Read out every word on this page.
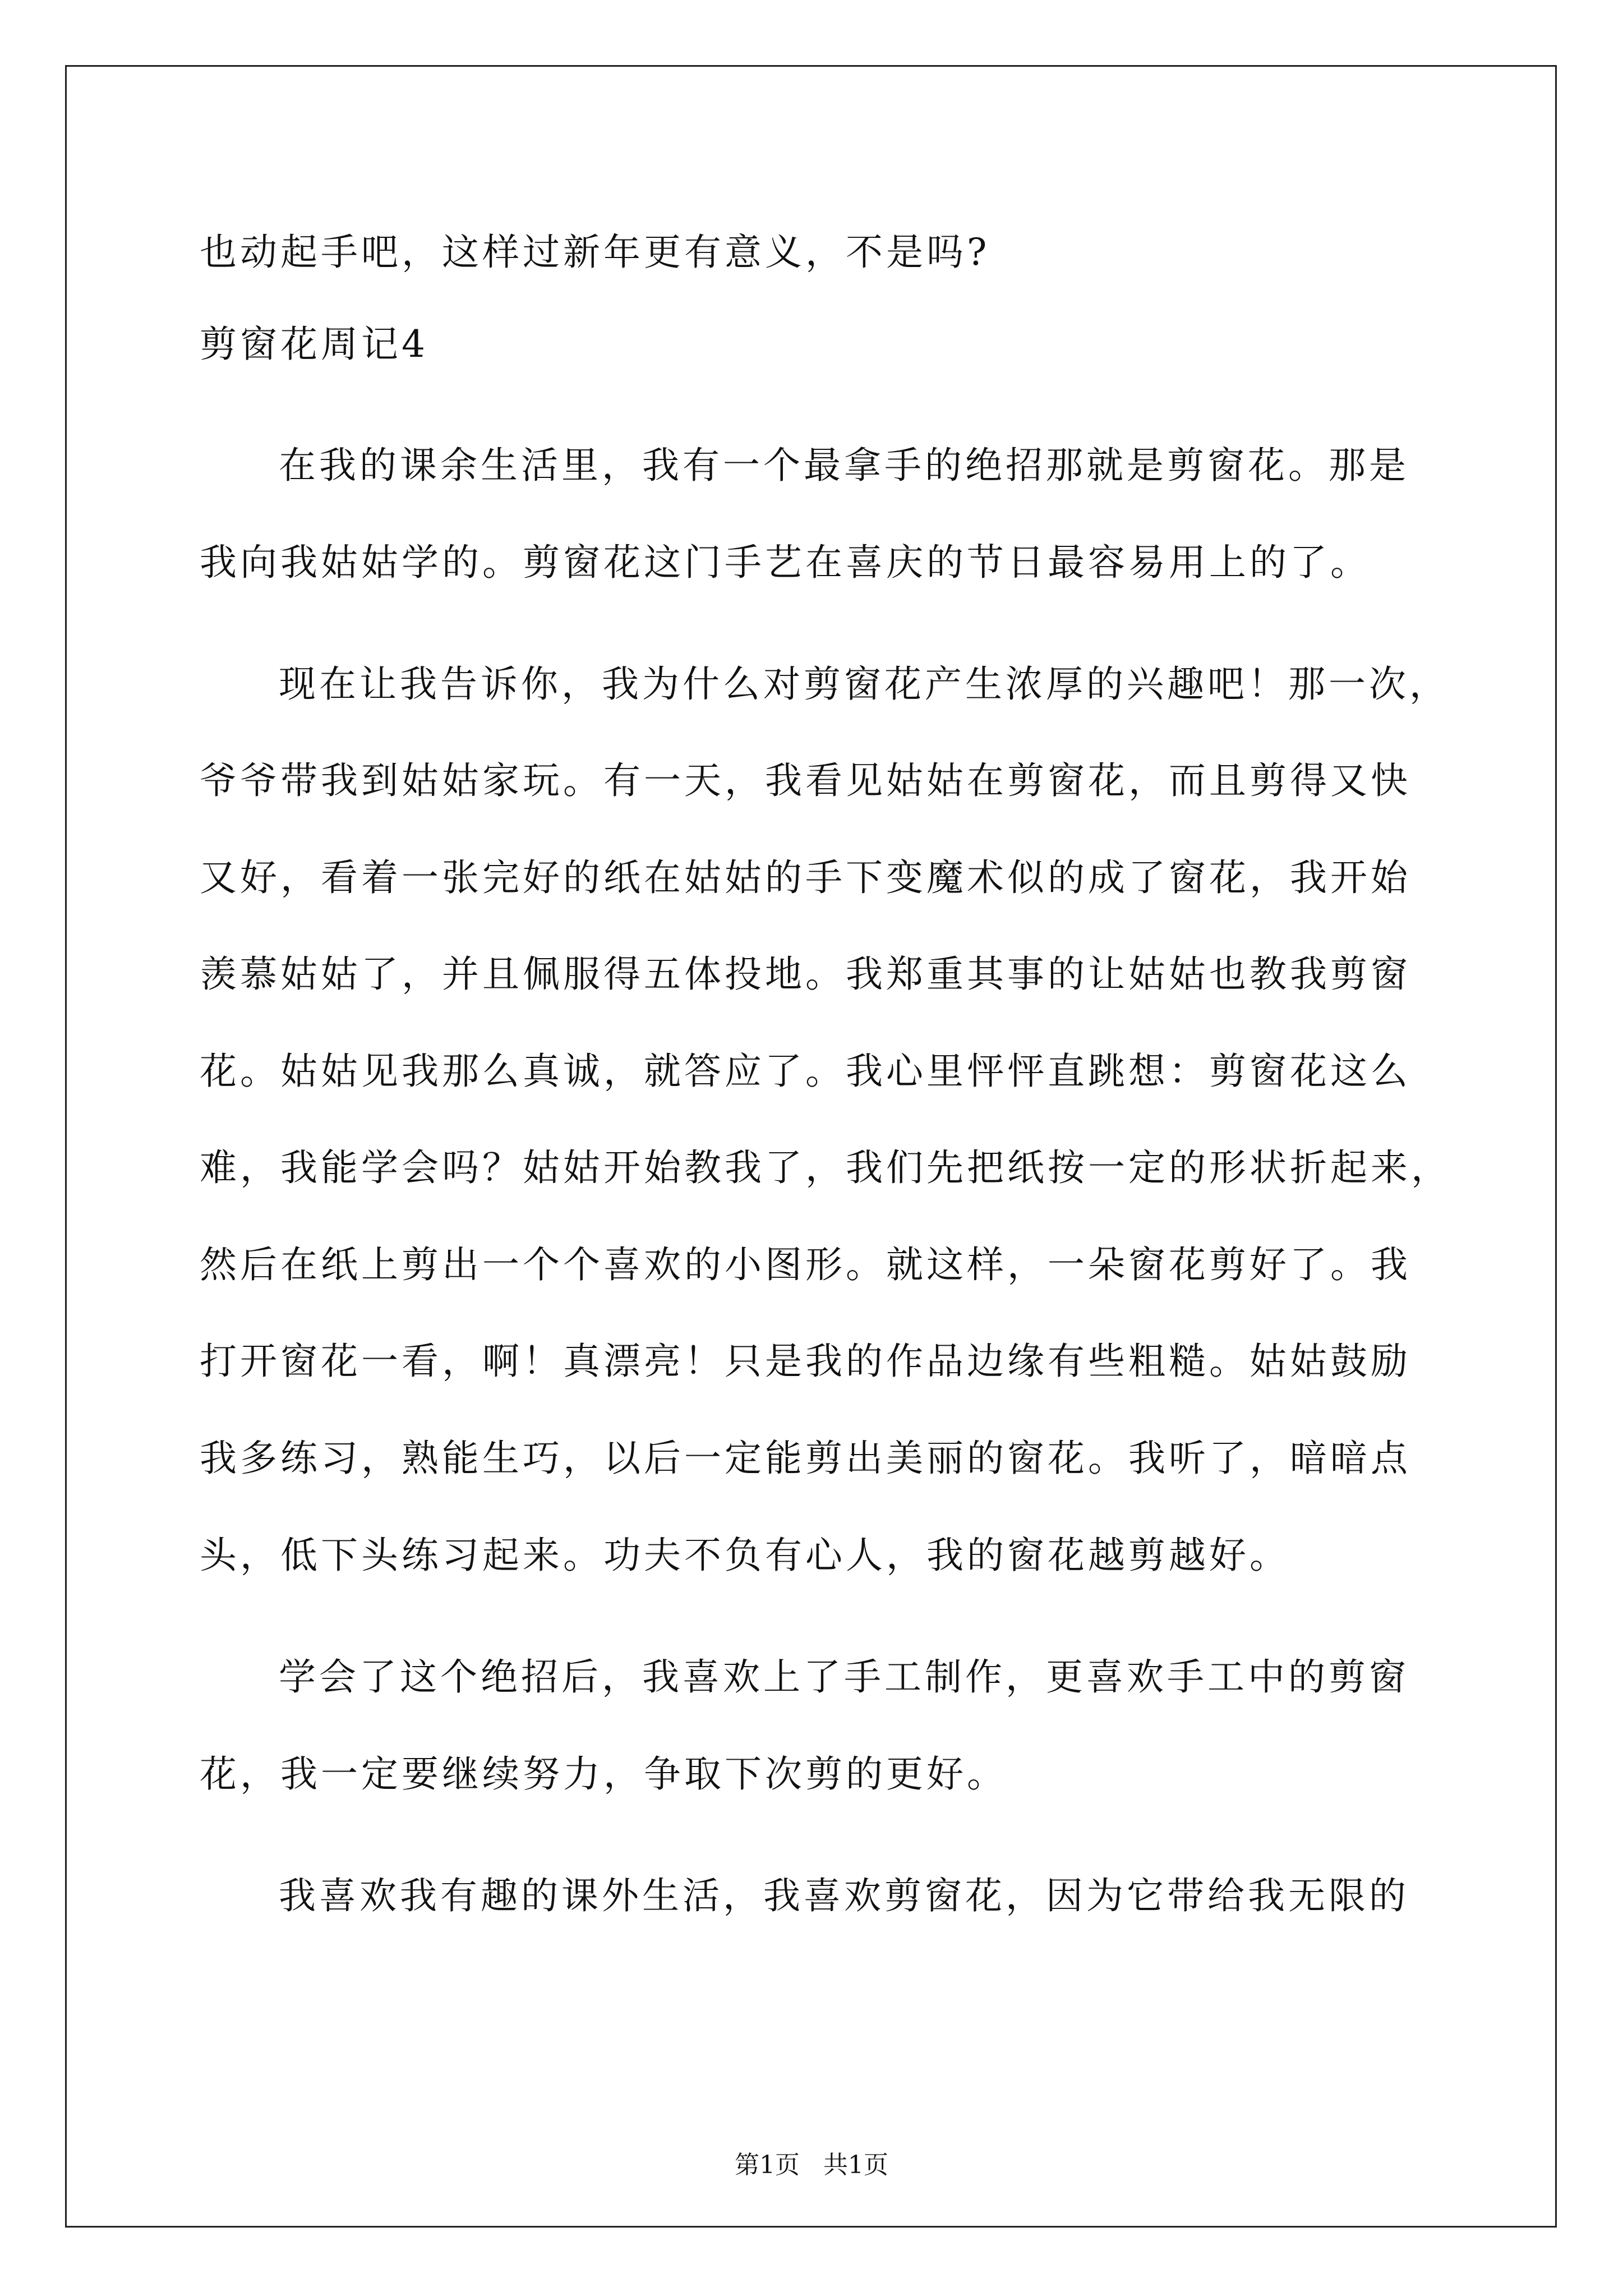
也动起手吧，这样过新年更有意义，不是吗?
剪窗花周记4
在我的课余生活里，我有一个最拿手的绝招那就是剪窗花。那是
我向我姑姑学的。剪窗花这门手艺在喜庆的节日最容易用上的了。
现在让我告诉你，我为什么对剪窗花产生浓厚的兴趣吧！那一次，
爷爷带我到姑姑家玩。有一天，我看见姑姑在剪窗花，而且剪得又快
又好，看着一张完好的纸在姑姑的手下变魔术似的成了窗花，我开始
羡慕姑姑了，并且佩服得五体投地。我郑重其事的让姑姑也教我剪窗
花。姑姑见我那么真诚，就答应了。我心里怦怦直跳想：剪窗花这么
难，我能学会吗？姑姑开始教我了，我们先把纸按一定的形状折起来，
然后在纸上剪出一个个喜欢的小图形。就这样，一朵窗花剪好了。我
打开窗花一看，啊！真漂亮！只是我的作品边缘有些粗糙。姑姑鼓励
我多练习，熟能生巧，以后一定能剪出美丽的窗花。我听了，暗暗点
头，低下头练习起来。功夫不负有心人，我的窗花越剪越好。
学会了这个绝招后，我喜欢上了手工制作，更喜欢手工中的剪窗
花，我一定要继续努力，争取下次剪的更好。
我喜欢我有趣的课外生活，我喜欢剪窗花，因为它带给我无限的
第1页   共1页
